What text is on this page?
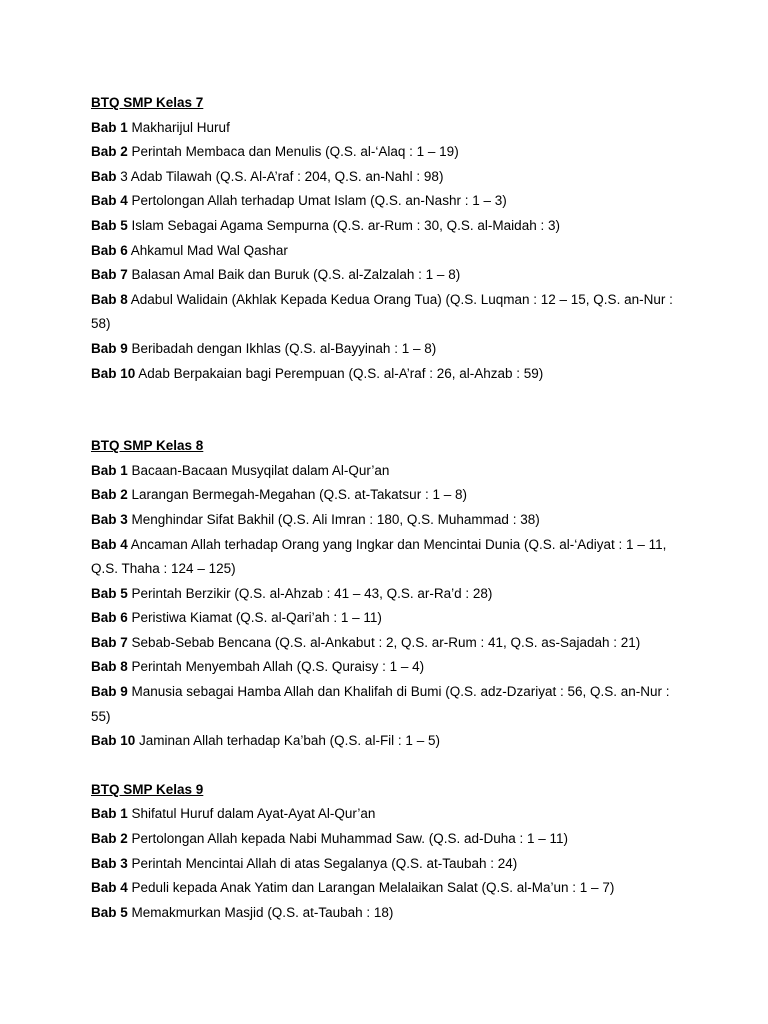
BTQ SMP Kelas 7

Bab 1 Makharijul Huruf

Bab 2 Perintah Membaca dan Menulis (Q.S. al-‘Alaq : 1 – 19)

Bab 3 Adab Tilawah (Q.S. Al-A’raf : 204, Q.S. an-Nahl : 98)

Bab 4 Pertolongan Allah terhadap Umat Islam (Q.S. an-Nashr : 1 – 3)

Bab 5 Islam Sebagai Agama Sempurna (Q.S. ar-Rum : 30, Q.S. al-Maidah : 3)

Bab 6 Ahkamul Mad Wal Qashar

Bab 7 Balasan Amal Baik dan Buruk (Q.S. al-Zalzalah : 1 – 8)

Bab 8 Adabul Walidain (Akhlak Kepada Kedua Orang Tua) (Q.S. Luqman : 12 – 15, Q.S. an-Nur : 58)

Bab 9 Beribadah dengan Ikhlas (Q.S. al-Bayyinah : 1 – 8)

Bab 10 Adab Berpakaian bagi Perempuan (Q.S. al-A’raf : 26, al-Ahzab : 59)

BTQ SMP Kelas 8

Bab 1 Bacaan-Bacaan Musyqilat dalam Al-Qur’an

Bab 2 Larangan Bermegah-Megahan (Q.S. at-Takatsur : 1 – 8)

Bab 3 Menghindar Sifat Bakhil (Q.S. Ali Imran : 180, Q.S. Muhammad : 38)

Bab 4 Ancaman Allah terhadap Orang yang Ingkar dan Mencintai Dunia (Q.S. al-‘Adiyat : 1 – 11, Q.S. Thaha : 124 – 125)

Bab 5 Perintah Berzikir (Q.S. al-Ahzab : 41 – 43, Q.S. ar-Ra’d : 28)

Bab 6 Peristiwa Kiamat (Q.S. al-Qari’ah : 1 – 11)

Bab 7 Sebab-Sebab Bencana (Q.S. al-Ankabut : 2, Q.S. ar-Rum : 41, Q.S. as-Sajadah : 21)

Bab 8 Perintah Menyembah Allah (Q.S. Quraisy : 1 – 4)

Bab 9 Manusia sebagai Hamba Allah dan Khalifah di Bumi (Q.S. adz-Dzariyat : 56, Q.S. an-Nur : 55)

Bab 10 Jaminan Allah terhadap Ka’bah (Q.S. al-Fil : 1 – 5)

BTQ SMP Kelas 9

Bab 1 Shifatul Huruf dalam Ayat-Ayat Al-Qur’an

Bab 2 Pertolongan Allah kepada Nabi Muhammad Saw. (Q.S. ad-Duha : 1 – 11)

Bab 3 Perintah Mencintai Allah di atas Segalanya (Q.S. at-Taubah : 24)

Bab 4 Peduli kepada Anak Yatim dan Larangan Melalaikan Salat (Q.S. al-Ma’un : 1 – 7)

Bab 5 Memakmurkan Masjid (Q.S. at-Taubah : 18)
